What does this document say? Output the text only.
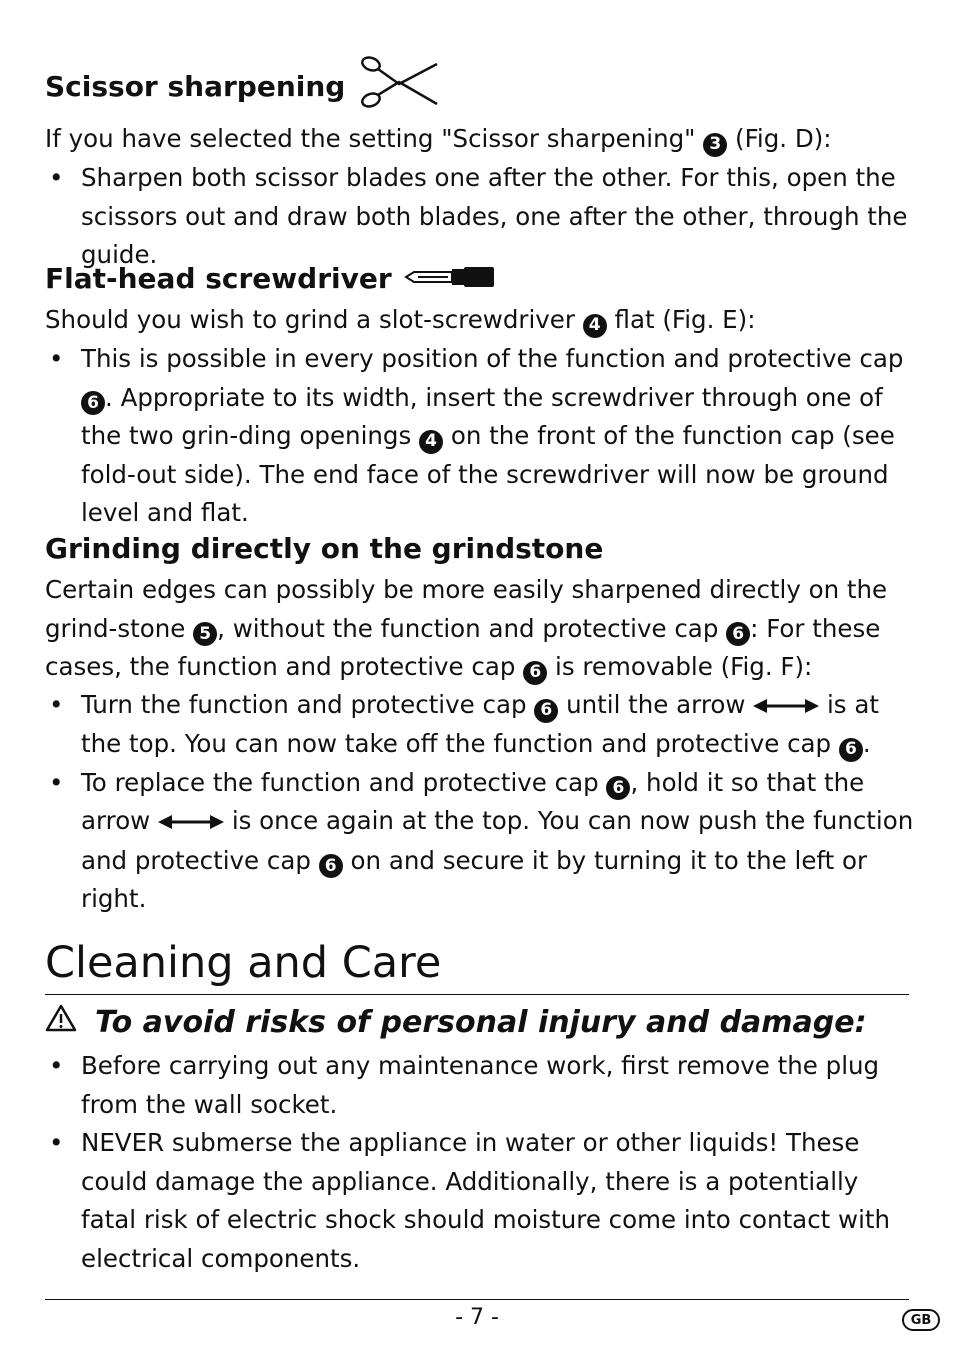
Scissor sharpening

If you have selected the setting "Scissor sharpening" 3 (Fig. D):

• Sharpen both scissor blades one after the other. For this, open the scissors out and draw both blades, one after the other, through the guide.
Flat-head screwdriver

Should you wish to grind a slot-screwdriver 4 flat (Fig. E):

• This is possible in every position of the function and protective cap 6 . Appropriate to its width, insert the screwdriver through one of the two grin-ding openings 4 on the front of the function cap (see fold-out side). The end face of the screwdriver will now be ground level and flat.
Grinding directly on the grindstone

Certain edges can possibly be more easily sharpened directly on the grind-stone 5 , without the function and protective cap 6 : For these cases, the function and protective cap 6 is removable (Fig. F):

• Turn the function and protective cap 6 until the arrow	is at the top. You can now take off the function and protective cap 6 .
• To replace the function and protective cap 6 , hold it so that the arrow	is once again at the top. You can now push the function and protective cap 6 on and secure it by turning it to the left or right.
Cleaning and Care

To avoid risks of personal injury and damage:

• Before carrying out any maintenance work, first remove the plug from the wall socket.
• NEVER submerse the appliance in water or other liquids! These could damage the appliance. Additionally, there is a potentially fatal risk of electric shock should moisture come into contact with electrical components.
- 7 -	GB
